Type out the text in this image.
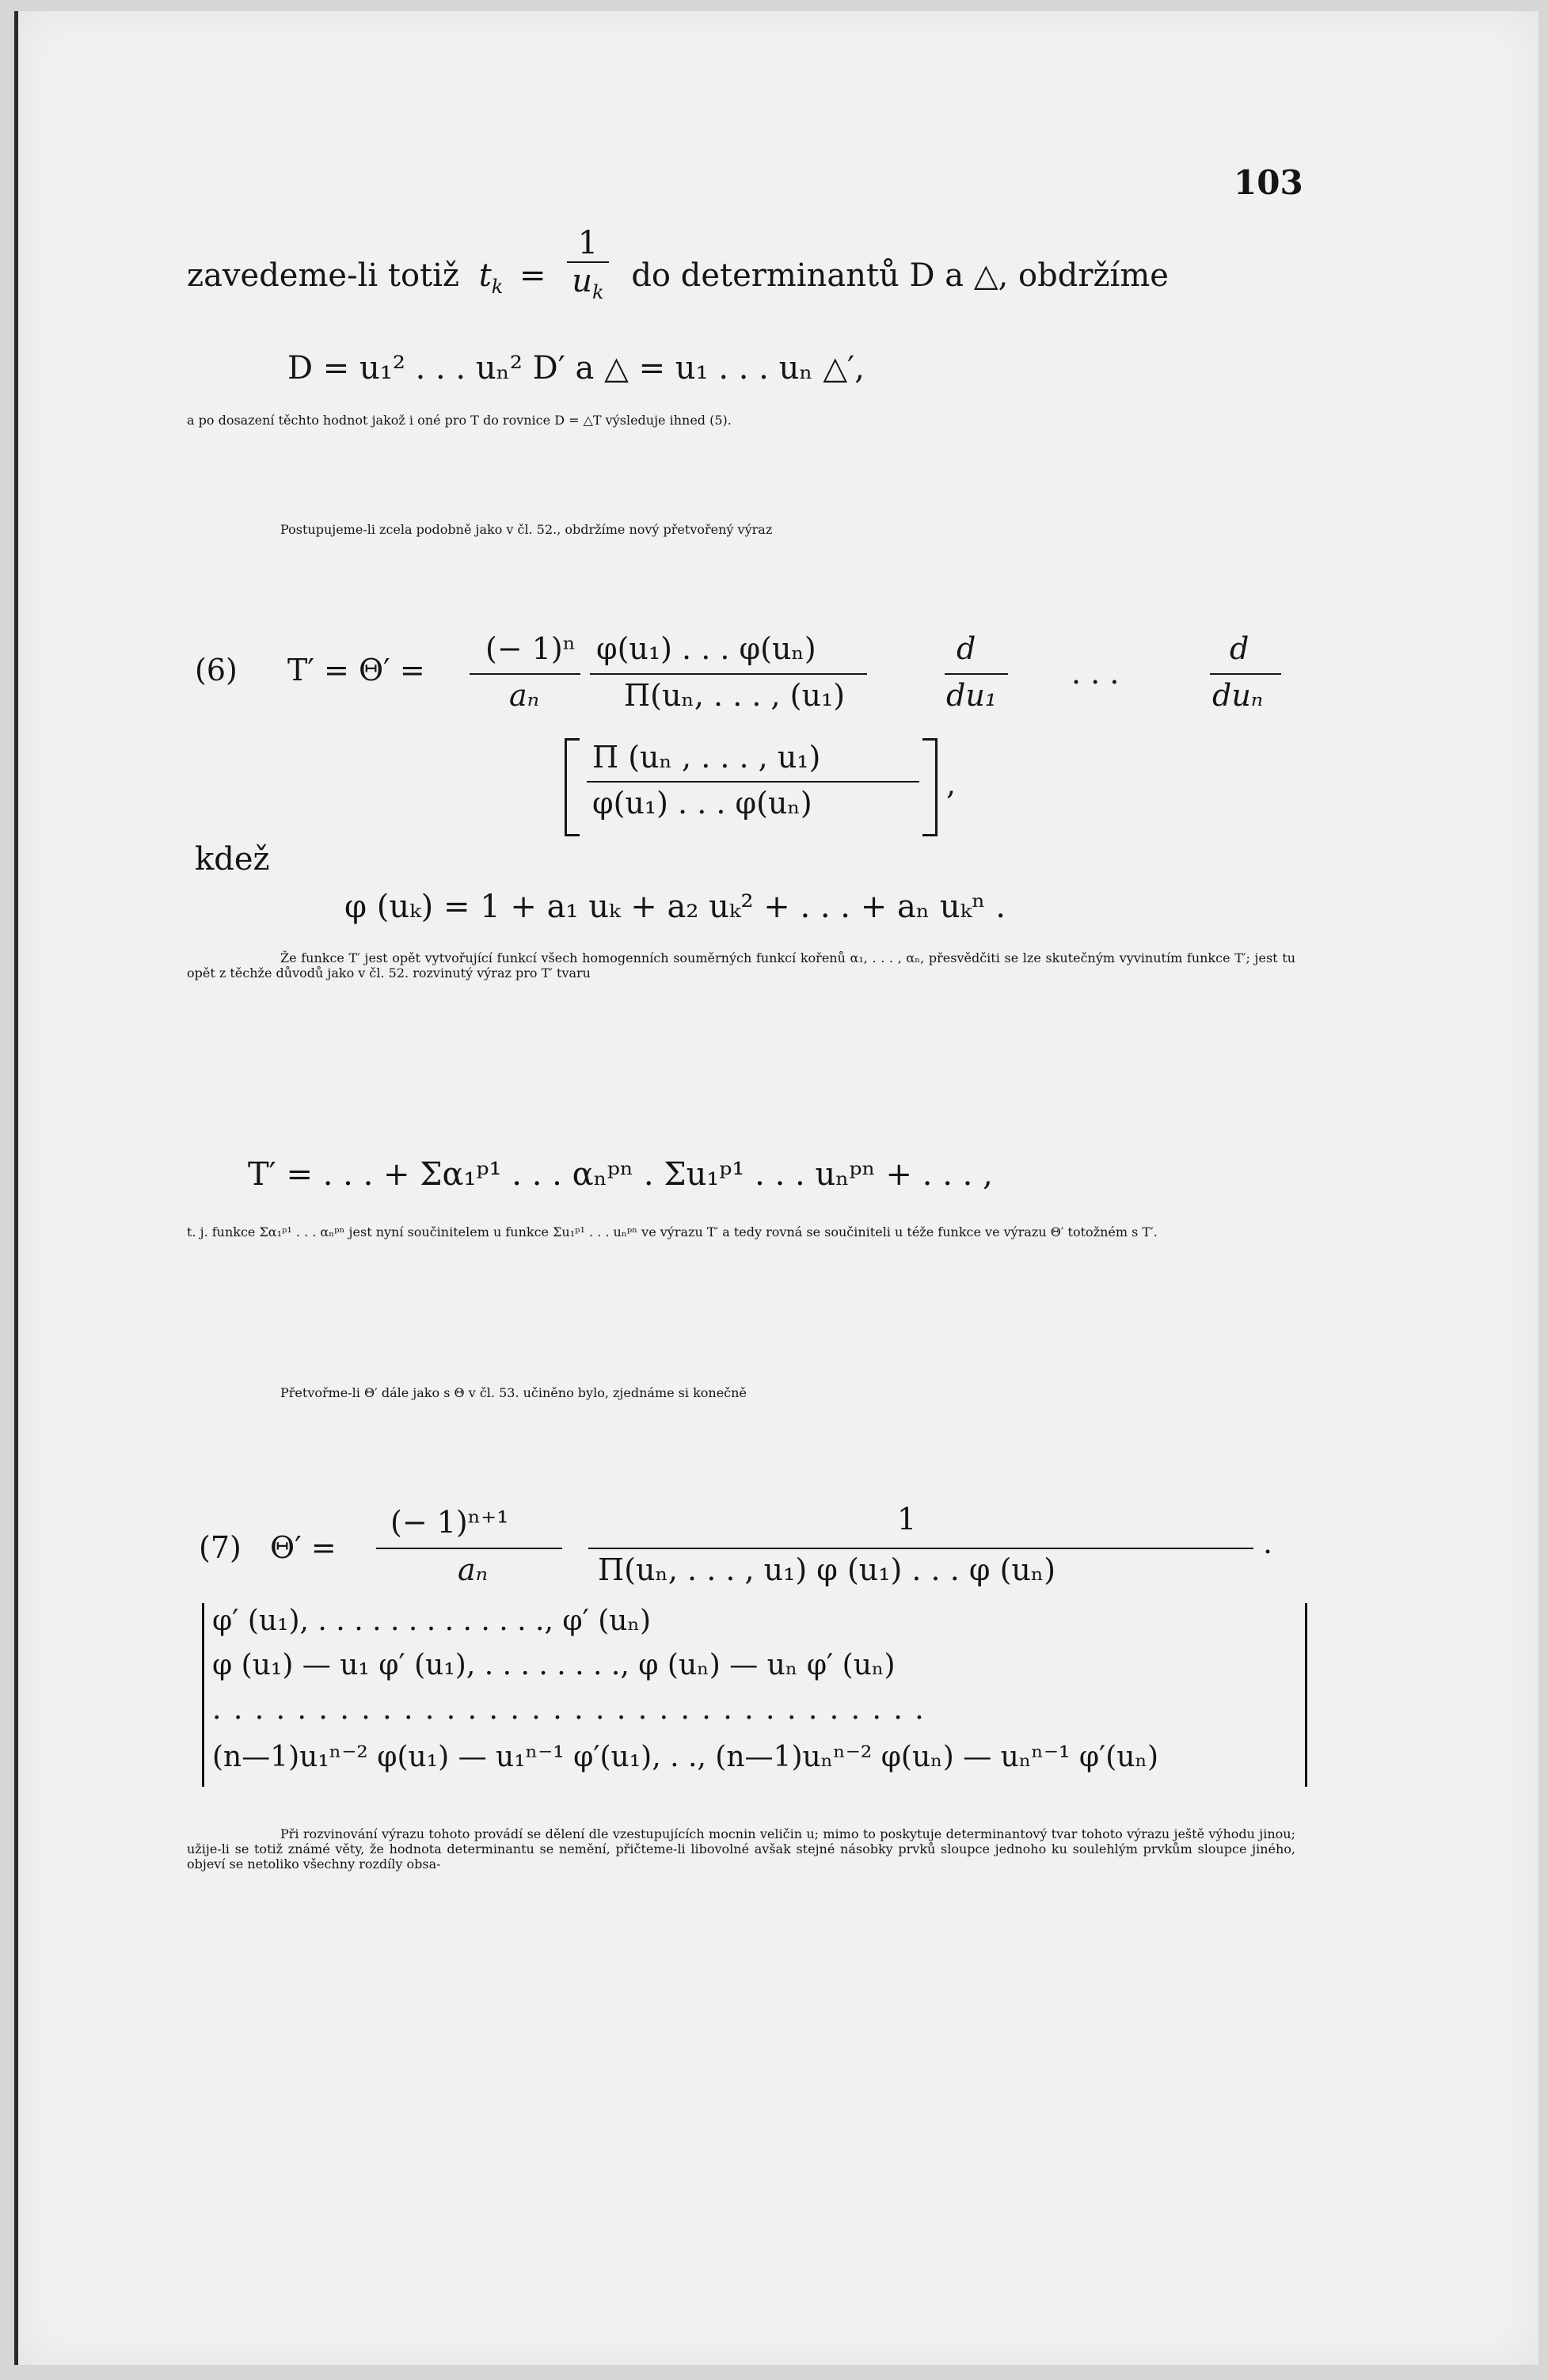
103
zavedeme-li totiž $t_k = \frac{1}{u_k}$ do determinantů D a △, obdržíme
D = u₁² . . . uₙ² D′ a △ = u₁ . . . uₙ △′,
a po dosazení těchto hodnot jakož i oné pro T do rovnice D = △T výsleduje ihned (5).
Postupujeme-li zcela podobně jako v čl. 52., obdržíme nový přetvořený výraz
(6) T′ = Θ′ =
(− 1)ⁿ
aₙ
φ(u₁) . . . φ(uₙ)
Π(uₙ, . . . , (u₁)
d
du₁
. . .
d
duₙ
Π (uₙ , . . . , u₁)
φ(u₁) . . . φ(uₙ)
,
kdež
φ (uₖ) = 1 + a₁ uₖ + a₂ uₖ² + . . . + aₙ uₖⁿ .
Že funkce T′ jest opět vytvořující funkcí všech homogenních souměrných funkcí kořenů α₁, . . . , αₙ, přesvědčiti se lze skutečným vyvinutím funkce T′; jest tu opět z těchže důvodů jako v čl. 52. rozvinutý výraz pro T′ tvaru
T′ = . . . + Σα₁ᵖ¹ . . . αₙᵖⁿ . Σu₁ᵖ¹ . . . uₙᵖⁿ + . . . ,
t. j. funkce Σα₁ᵖ¹ . . . αₙᵖⁿ jest nyní součinitelem u funkce Σu₁ᵖ¹ . . . uₙᵖⁿ ve výrazu T′ a tedy rovná se součiniteli u téže funkce ve výrazu Θ′ totožném s T′.
Přetvořme-li Θ′ dále jako s Θ v čl. 53. učiněno bylo, zjednáme si konečně
(7) Θ′ =
(− 1)ⁿ⁺¹
aₙ
1
Π(uₙ, . . . , u₁) φ (u₁) . . . φ (uₙ)
.
φ′ (u₁), . . . . . . . . . . . . ., φ′ (uₙ)
φ (u₁) — u₁ φ′ (u₁), . . . . . . . ., φ (uₙ) — uₙ φ′ (uₙ)
. . . . . . . . . . . . . . . . . . . . . . . . . . . . . . . . . .
(n—1)u₁ⁿ⁻² φ(u₁) — u₁ⁿ⁻¹ φ′(u₁), . ., (n—1)uₙⁿ⁻² φ(uₙ) — uₙⁿ⁻¹ φ′(uₙ)
Při rozvinování výrazu tohoto provádí se dělení dle vzestupujících mocnin veličin u; mimo to poskytuje determinantový tvar tohoto výrazu ještě výhodu jinou; užije-li se totiž známé věty, že hodnota determinantu se nemění, přičteme-li libovolné avšak stejné násobky prvků sloupce jednoho ku soulehlým prvkům sloupce jiného, objeví se netoliko všechny rozdíly obsa-
